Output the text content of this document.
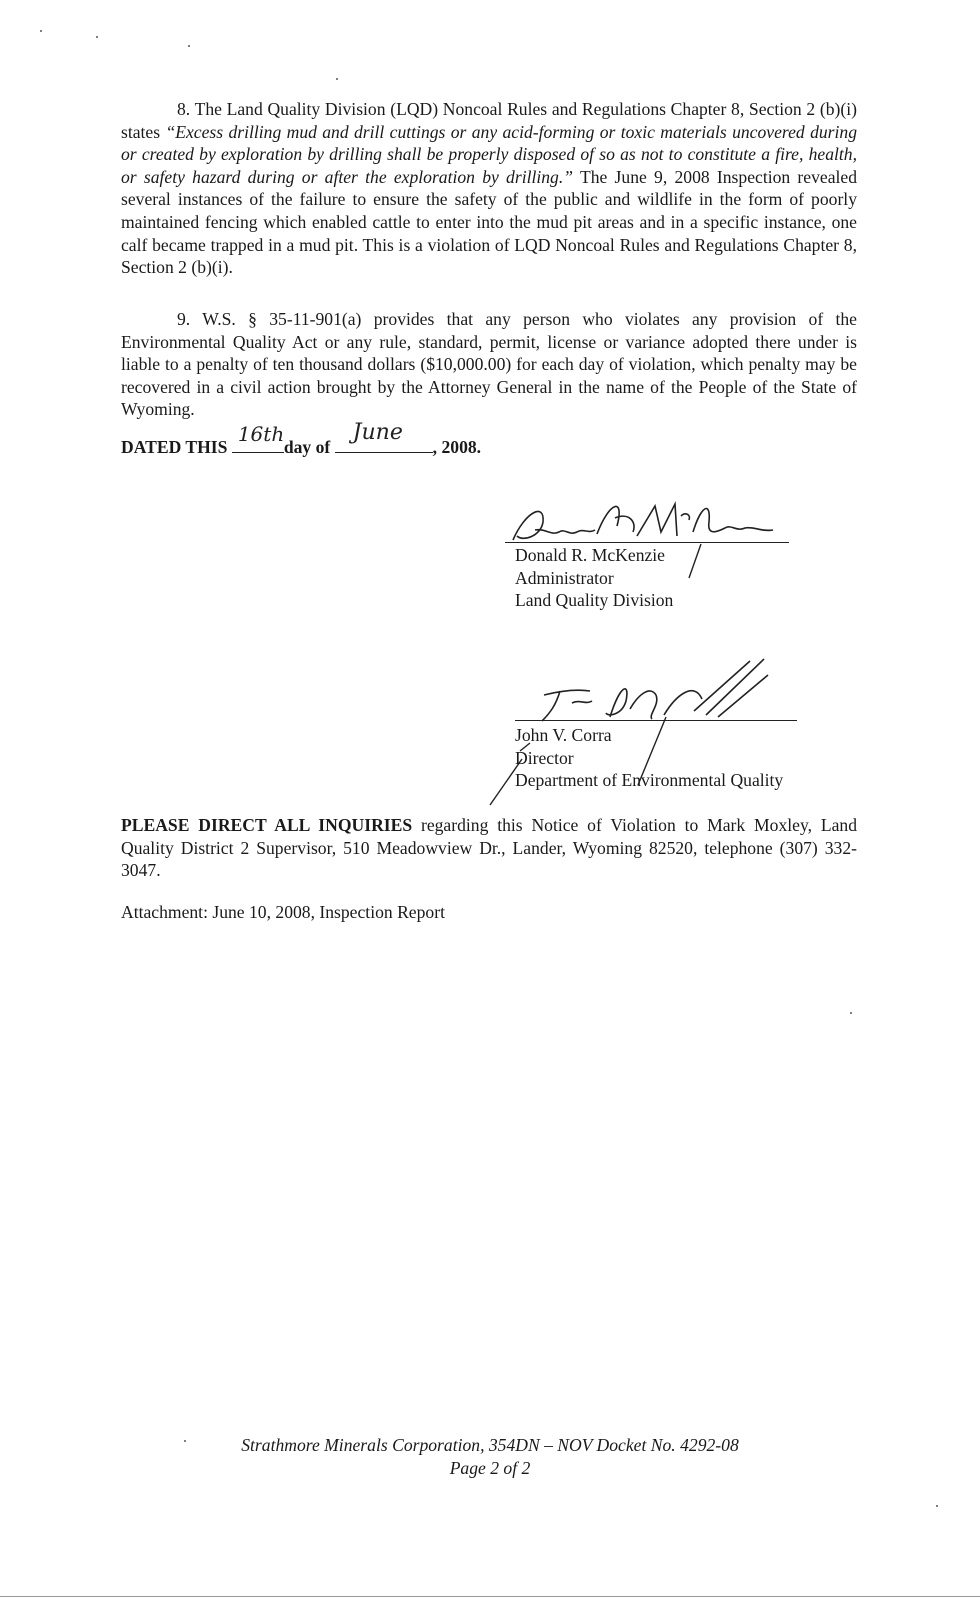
8. The Land Quality Division (LQD) Noncoal Rules and Regulations Chapter 8, Section 2 (b)(i) states “Excess drilling mud and drill cuttings or any acid-forming or toxic materials uncovered during or created by exploration by drilling shall be properly disposed of so as not to constitute a fire, health, or safety hazard during or after the exploration by drilling.” The June 9, 2008 Inspection revealed several instances of the failure to ensure the safety of the public and wildlife in the form of poorly maintained fencing which enabled cattle to enter into the mud pit areas and in a specific instance, one calf became trapped in a mud pit. This is a violation of LQD Noncoal Rules and Regulations Chapter 8, Section 2 (b)(i).
9. W.S. § 35-11-901(a) provides that any person who violates any provision of the Environmental Quality Act or any rule, standard, permit, license or variance adopted there under is liable to a penalty of ten thousand dollars ($10,000.00) for each day of violation, which penalty may be recovered in a civil action brought by the Attorney General in the name of the People of the State of Wyoming.
DATED THIS
16th
day of
June
, 2008.
Donald R. McKenzie
Administrator
Land Quality Division
John V. Corra
Director
Department of Environmental Quality
PLEASE DIRECT ALL INQUIRIES regarding this Notice of Violation to Mark Moxley, Land Quality District 2 Supervisor, 510 Meadowview Dr., Lander, Wyoming 82520, telephone (307) 332-3047.
Attachment: June 10, 2008, Inspection Report
Strathmore Minerals Corporation, 354DN – NOV Docket No. 4292-08
Page 2 of 2
